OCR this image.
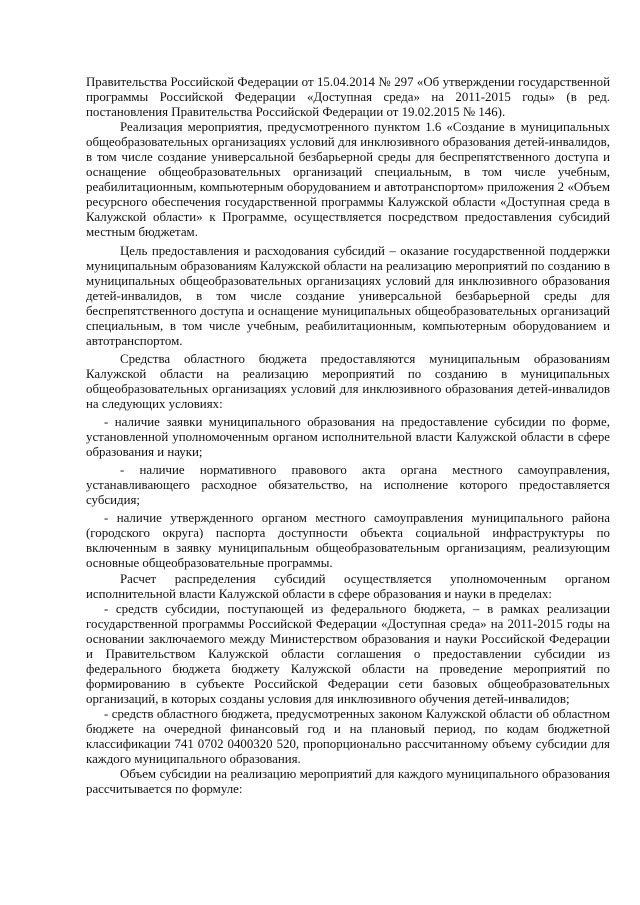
Правительства Российской Федерации от 15.04.2014 № 297 «Об утверждении государственной программы Российской Федерации «Доступная среда» на 2011-2015 годы» (в ред. постановления Правительства Российской Федерации от 19.02.2015 № 146).

Реализация мероприятия, предусмотренного пунктом 1.6 «Создание в муниципальных общеобразовательных организациях условий для инклюзивного образования детей-инвалидов, в том числе создание универсальной безбарьерной среды для беспрепятственного доступа и оснащение общеобразовательных организаций специальным, в том числе учебным, реабилитационным, компьютерным оборудованием и автотранспортом» приложения 2 «Объем ресурсного обеспечения государственной программы Калужской области «Доступная среда в Калужской области» к Программе, осуществляется посредством предоставления субсидий местным бюджетам.

Цель предоставления и расходования субсидий – оказание государственной поддержки муниципальным образованиям Калужской области на реализацию мероприятий по созданию в муниципальных общеобразовательных организациях условий для инклюзивного образования детей-инвалидов, в том числе создание универсальной безбарьерной среды для беспрепятственного доступа и оснащение муниципальных общеобразовательных организаций специальным, в том числе учебным, реабилитационным, компьютерным оборудованием и автотранспортом.

Средства областного бюджета предоставляются муниципальным образованиям Калужской области на реализацию мероприятий по созданию в муниципальных общеобразовательных организациях условий для инклюзивного образования детей-инвалидов на следующих условиях:

- наличие заявки муниципального образования на предоставление субсидии по форме, установленной уполномоченным органом исполнительной власти Калужской области в сфере образования и науки;

- наличие нормативного правового акта органа местного самоуправления, устанавливающего расходное обязательство, на исполнение которого предоставляется субсидия;

- наличие утвержденного органом местного самоуправления муниципального района (городского округа) паспорта доступности объекта социальной инфраструктуры по включенным в заявку муниципальным общеобразовательным организациям, реализующим основные общеобразовательные программы.

Расчет распределения субсидий осуществляется уполномоченным органом исполнительной власти Калужской области в сфере образования и науки в пределах:

- средств субсидии, поступающей из федерального бюджета, – в рамках реализации государственной программы Российской Федерации «Доступная среда» на 2011-2015 годы на основании заключаемого между Министерством образования и науки Российской Федерации и Правительством Калужской области соглашения о предоставлении субсидии из федерального бюджета бюджету Калужской области на проведение мероприятий по формированию в субъекте Российской Федерации сети базовых общеобразовательных организаций, в которых созданы условия для инклюзивного обучения детей-инвалидов;

- средств областного бюджета, предусмотренных законом Калужской области об областном бюджете на очередной финансовый год и на плановый период, по кодам бюджетной классификации 741 0702 0400320 520, пропорционально рассчитанному объему субсидии для каждого муниципального образования.

Объем субсидии на реализацию мероприятий для каждого муниципального образования рассчитывается по формуле:
